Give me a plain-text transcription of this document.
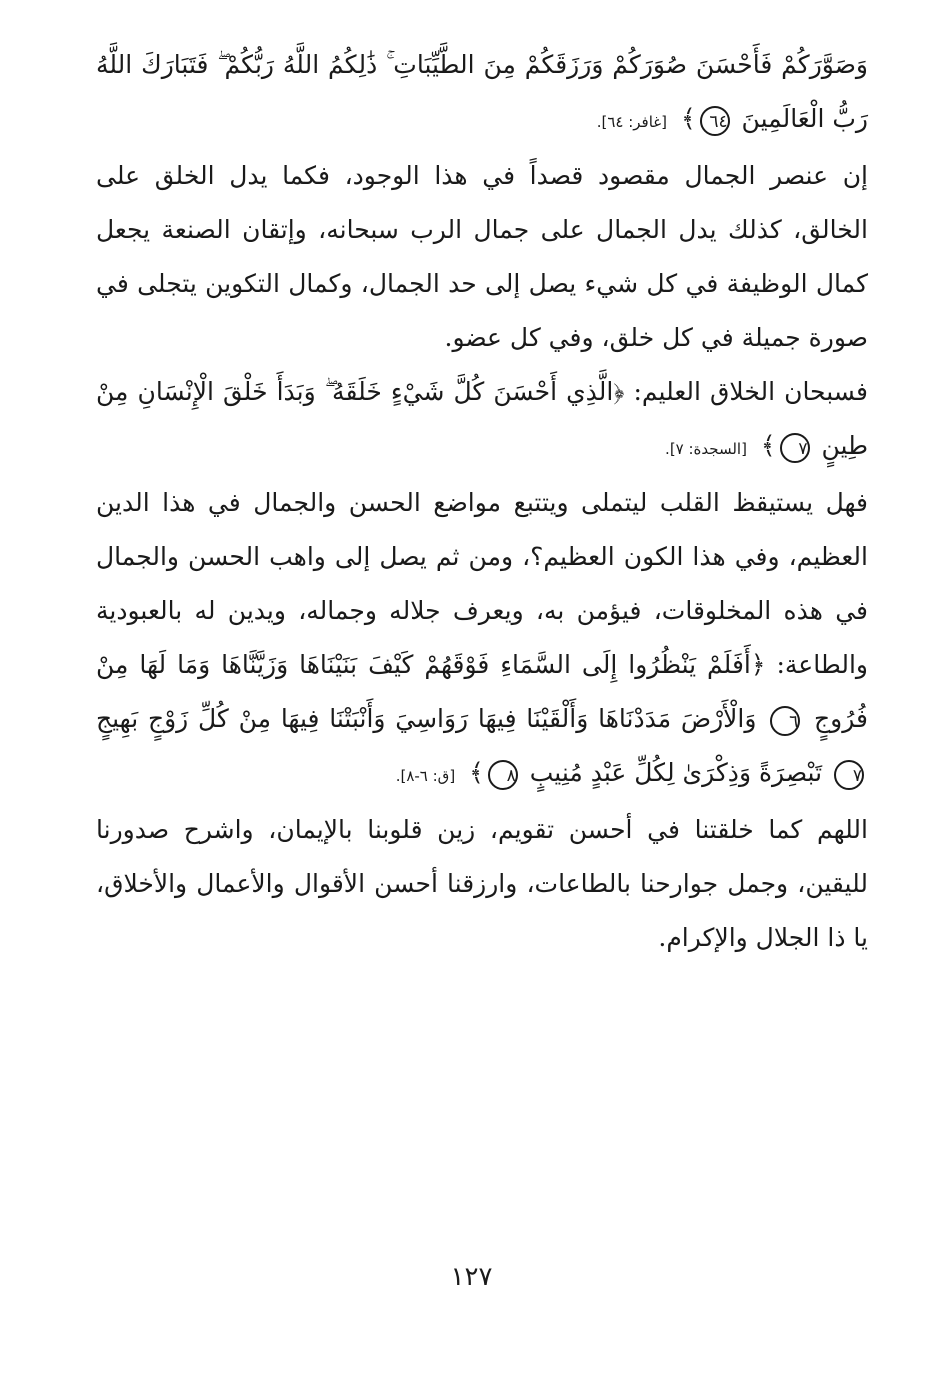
وَصَوَّرَكُمْ فَأَحْسَنَ صُوَرَكُمْ وَرَزَقَكُمْ مِنَ الطَّيِّبَاتِ ۚ ذَٰلِكُمُ اللَّهُ رَبُّكُمْ ۖ فَتَبَارَكَ اللَّهُ رَبُّ الْعَالَمِينَ ٦٤﴾ [غافر: ٦٤].

إن عنصر الجمال مقصود قصداً في هذا الوجود، فكما يدل الخلق على الخالق، كذلك يدل الجمال على جمال الرب سبحانه، وإتقان الصنعة يجعل كمال الوظيفة في كل شيء يصل إلى حد الجمال، وكمال التكوين يتجلى في صورة جميلة في كل خلق، وفي كل عضو.

فسبحان الخلاق العليم: ﴿الَّذِي أَحْسَنَ كُلَّ شَيْءٍ خَلَقَهُ ۖ وَبَدَأَ خَلْقَ الْإِنْسَانِ مِنْ طِينٍ ٧﴾ [السجدة: ٧].

فهل يستيقظ القلب ليتملى ويتتبع مواضع الحسن والجمال في هذا الدين العظيم، وفي هذا الكون العظيم؟، ومن ثم يصل إلى واهب الحسن والجمال في هذه المخلوقات، فيؤمن به، ويعرف جلاله وجماله، ويدين له بالعبودية والطاعة: ﴿أَفَلَمْ يَنْظُرُوا إِلَى السَّمَاءِ فَوْقَهُمْ كَيْفَ بَنَيْنَاهَا وَزَيَّنَّاهَا وَمَا لَهَا مِنْ فُرُوجٍ ٦ وَالْأَرْضَ مَدَدْنَاهَا وَأَلْقَيْنَا فِيهَا رَوَاسِيَ وَأَنْبَتْنَا فِيهَا مِنْ كُلِّ زَوْجٍ بَهِيجٍ ٧ تَبْصِرَةً وَذِكْرَىٰ لِكُلِّ عَبْدٍ مُنِيبٍ ٨﴾ [ق: ٦-٨].

اللهم كما خلقتنا في أحسن تقويم، زين قلوبنا بالإيمان، واشرح صدورنا لليقين، وجمل جوارحنا بالطاعات، وارزقنا أحسن الأقوال والأعمال والأخلاق، يا ذا الجلال والإكرام.

١٢٧
